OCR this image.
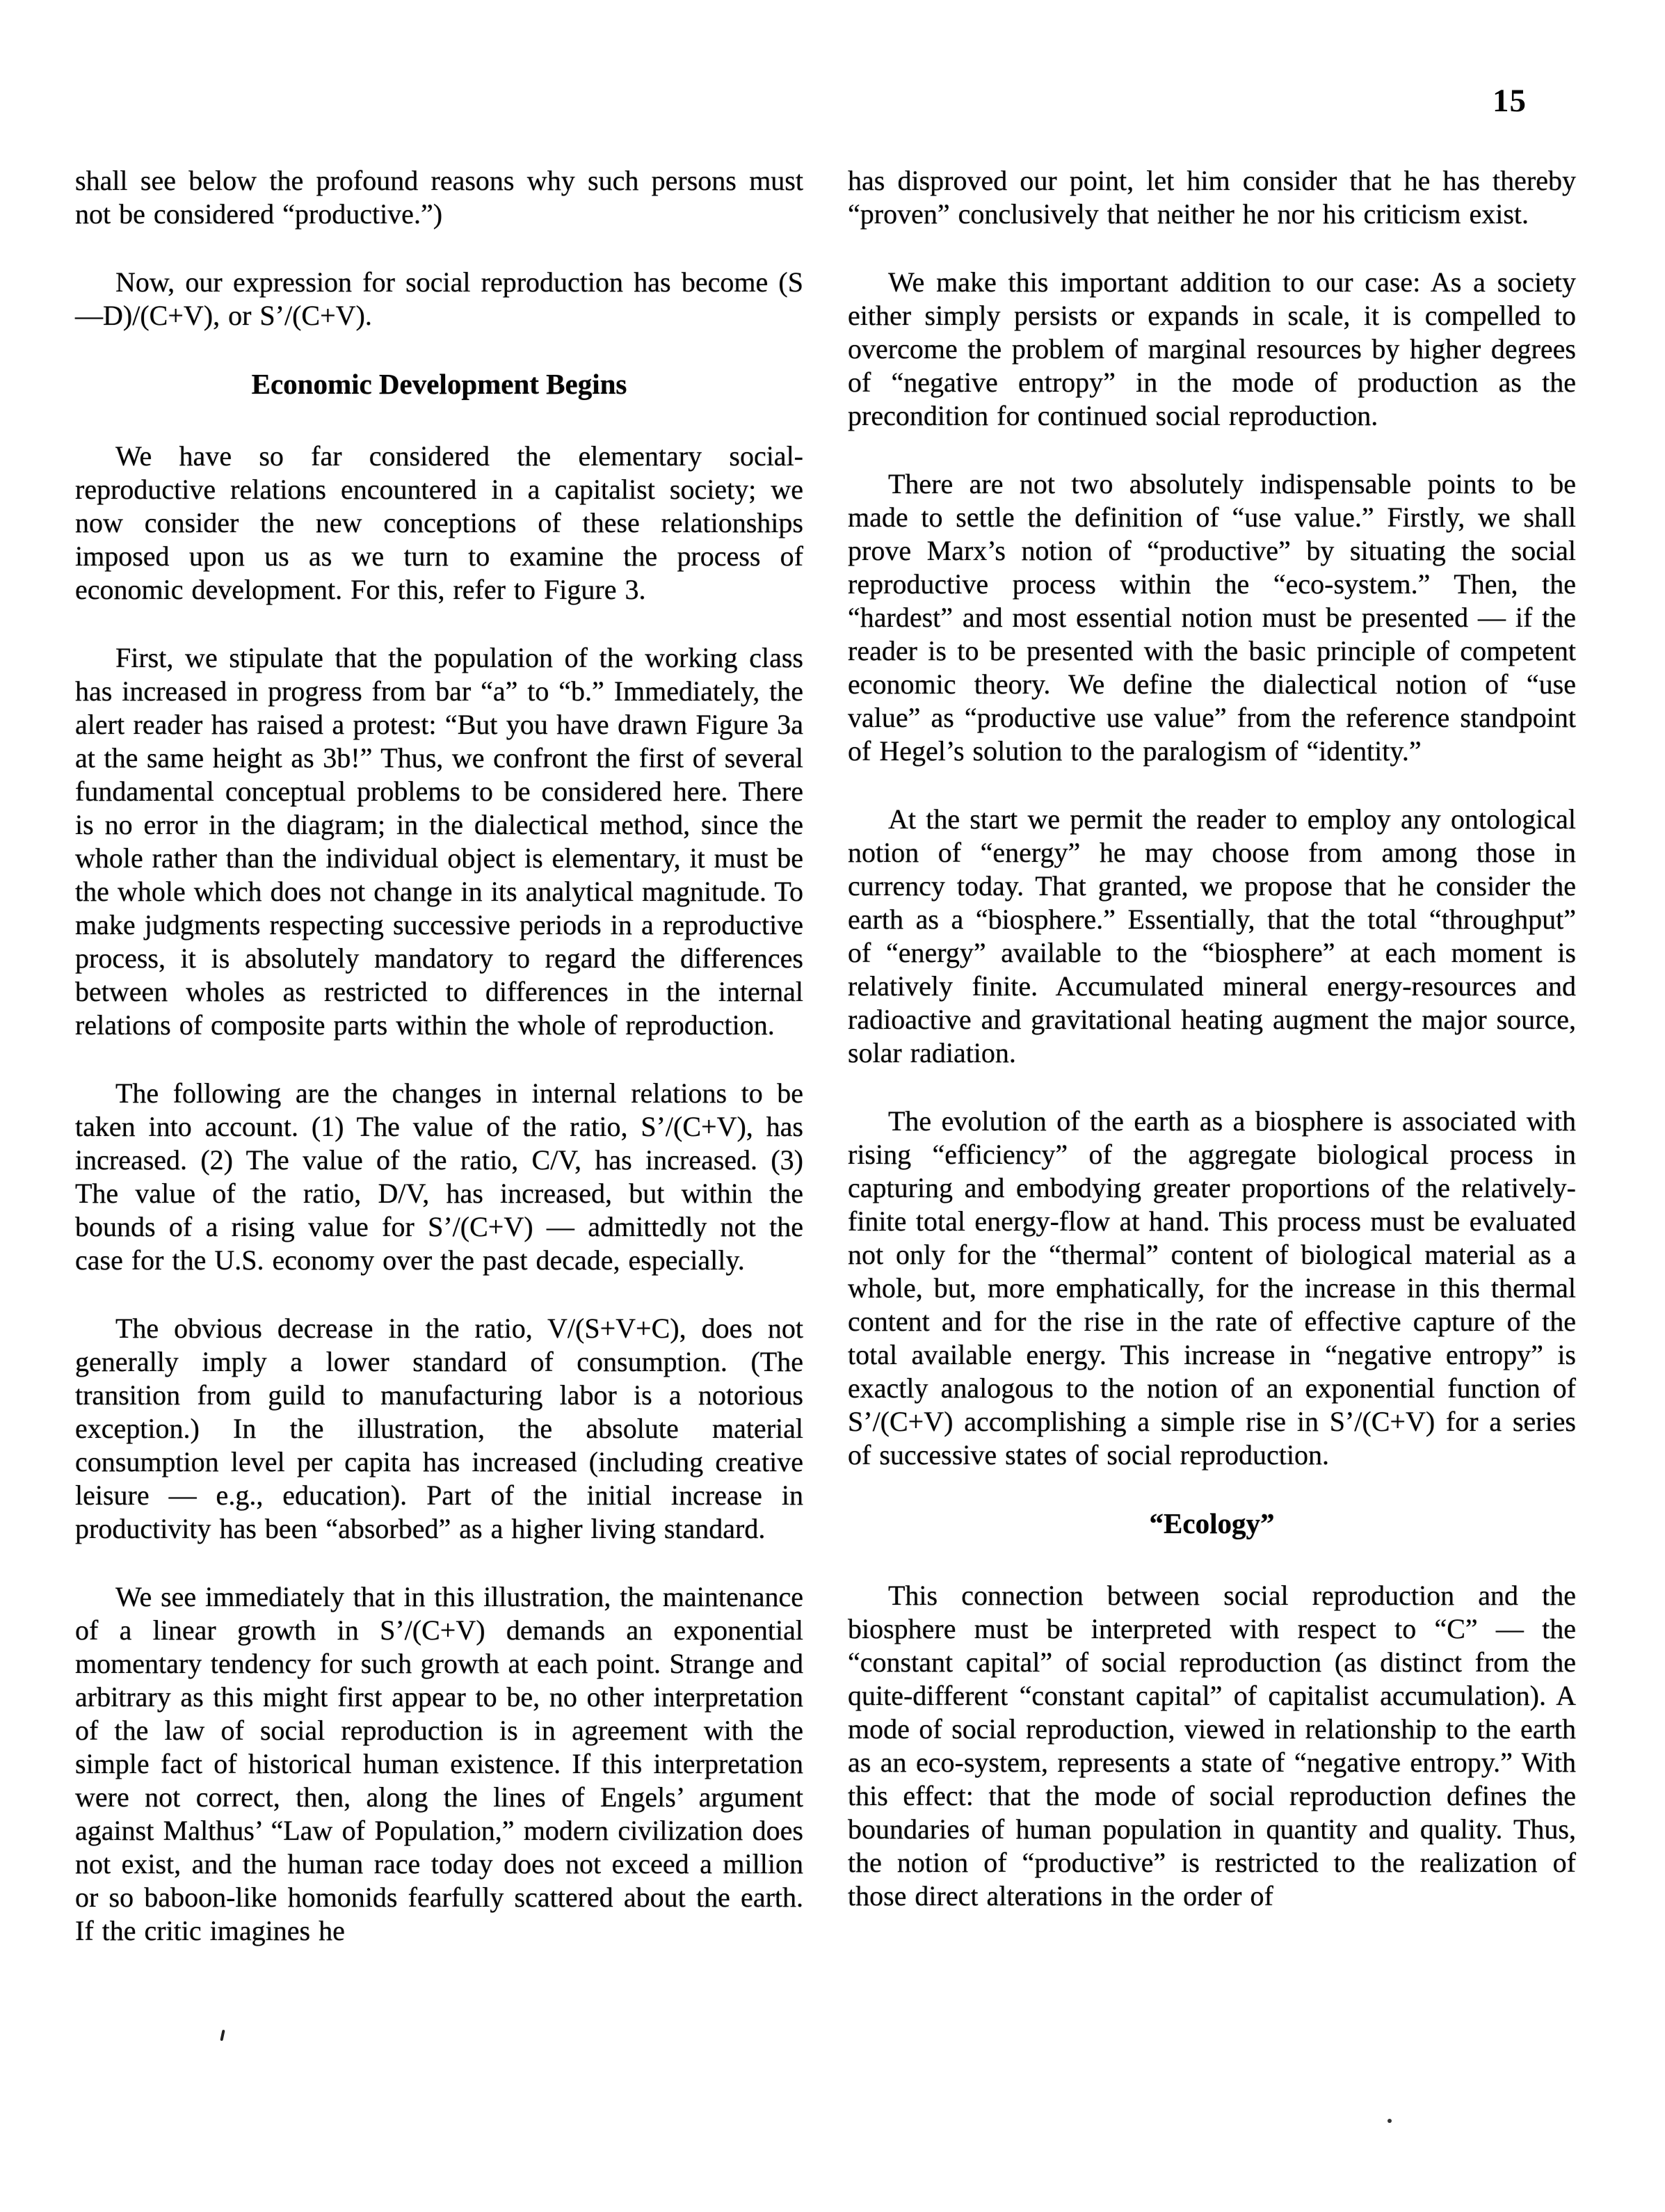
15

shall see below the profound reasons why such persons must not be considered “productive.”)

Now, our expression for social reproduction has become (S—D)/(C+V), or S’/(C+V).

Economic Development Begins

We have so far considered the elementary social-reproductive relations encountered in a capitalist society; we now consider the new conceptions of these relationships imposed upon us as we turn to examine the process of economic development. For this, refer to Figure 3.

First, we stipulate that the population of the working class has increased in progress from bar “a” to “b.” Immediately, the alert reader has raised a protest: “But you have drawn Figure 3a at the same height as 3b!” Thus, we confront the first of several fundamental conceptual problems to be considered here. There is no error in the diagram; in the dialectical method, since the whole rather than the individual object is elementary, it must be the whole which does not change in its analytical magnitude. To make judgments respecting successive periods in a reproductive process, it is absolutely mandatory to regard the differences between wholes as restricted to differences in the internal relations of composite parts within the whole of reproduction.

The following are the changes in internal relations to be taken into account. (1) The value of the ratio, S’/(C+V), has increased. (2) The value of the ratio, C/V, has increased. (3) The value of the ratio, D/V, has increased, but within the bounds of a rising value for S’/(C+V) — admittedly not the case for the U.S. economy over the past decade, especially.

The obvious decrease in the ratio, V/(S+V+C), does not generally imply a lower standard of consumption. (The transition from guild to manufacturing labor is a notorious exception.) In the illustration, the absolute material consumption level per capita has increased (including creative leisure — e.g., education). Part of the initial increase in productivity has been “absorbed” as a higher living standard.

We see immediately that in this illustration, the maintenance of a linear growth in S’/(C+V) demands an exponential momentary tendency for such growth at each point. Strange and arbitrary as this might first appear to be, no other interpretation of the law of social reproduction is in agreement with the simple fact of historical human existence. If this interpretation were not correct, then, along the lines of Engels’ argument against Malthus’ “Law of Population,” modern civilization does not exist, and the human race today does not exceed a million or so baboon-like homonids fearfully scattered about the earth. If the critic imagines he

has disproved our point, let him consider that he has thereby “proven” conclusively that neither he nor his criticism exist.

We make this important addition to our case: As a society either simply persists or expands in scale, it is compelled to overcome the problem of marginal resources by higher degrees of “negative entropy” in the mode of production as the precondition for continued social reproduction.

There are not two absolutely indispensable points to be made to settle the definition of “use value.” Firstly, we shall prove Marx’s notion of “productive” by situating the social reproductive process within the “eco-system.” Then, the “hardest” and most essential notion must be presented — if the reader is to be presented with the basic principle of competent economic theory. We define the dialectical notion of “use value” as “productive use value” from the reference standpoint of Hegel’s solution to the paralogism of “identity.”

At the start we permit the reader to employ any ontological notion of “energy” he may choose from among those in currency today. That granted, we propose that he consider the earth as a “biosphere.” Essentially, that the total “throughput” of “energy” available to the “biosphere” at each moment is relatively finite. Accumulated mineral energy-resources and radioactive and gravitational heating augment the major source, solar radiation.

The evolution of the earth as a biosphere is associated with rising “efficiency” of the aggregate biological process in capturing and embodying greater proportions of the relatively-finite total energy-flow at hand. This process must be evaluated not only for the “thermal” content of biological material as a whole, but, more emphatically, for the increase in this thermal content and for the rise in the rate of effective capture of the total available energy. This increase in “negative entropy” is exactly analogous to the notion of an exponential function of S’/(C+V) accomplishing a simple rise in S’/(C+V) for a series of successive states of social reproduction.

“Ecology”

This connection between social reproduction and the biosphere must be interpreted with respect to “C” — the “constant capital” of social reproduction (as distinct from the quite-different “constant capital” of capitalist accumulation). A mode of social reproduction, viewed in relationship to the earth as an eco-system, represents a state of “negative entropy.” With this effect: that the mode of social reproduction defines the boundaries of human population in quantity and quality. Thus, the notion of “productive” is restricted to the realization of those direct alterations in the order of
